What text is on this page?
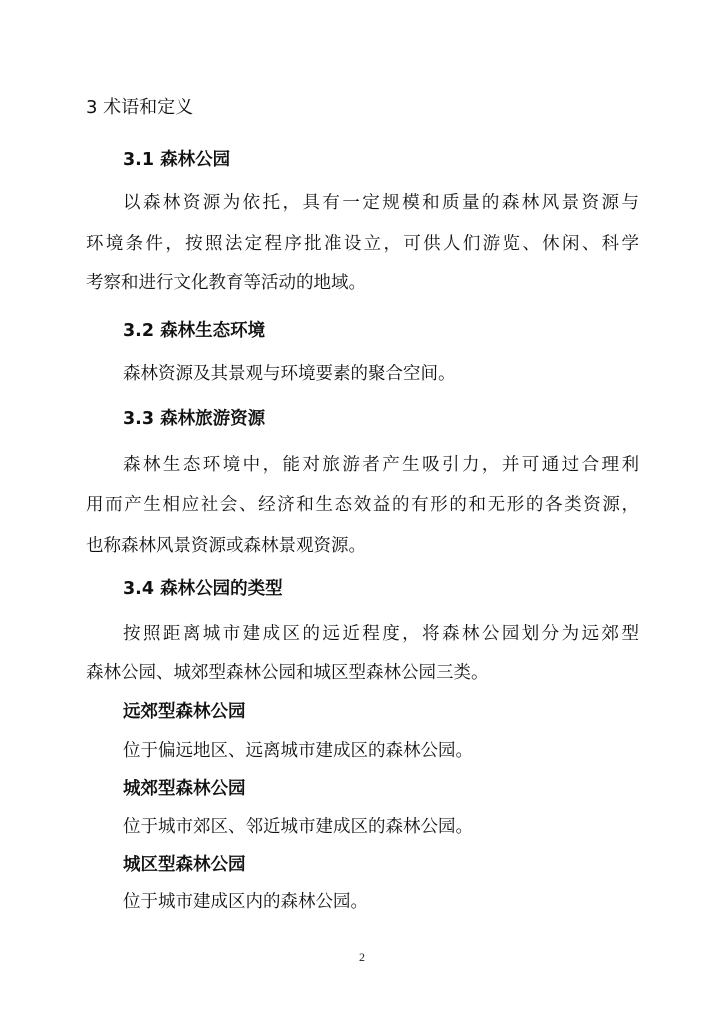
3 术语和定义
3.1 森林公园
以森林资源为依托，具有一定规模和质量的森林风景资源与
环境条件，按照法定程序批准设立，可供人们游览、休闲、科学
考察和进行文化教育等活动的地域。
3.2 森林生态环境
森林资源及其景观与环境要素的聚合空间。
3.3 森林旅游资源
森林生态环境中，能对旅游者产生吸引力，并可通过合理利
用而产生相应社会、经济和生态效益的有形的和无形的各类资源，
也称森林风景资源或森林景观资源。
3.4 森林公园的类型
按照距离城市建成区的远近程度，将森林公园划分为远郊型
森林公园、城郊型森林公园和城区型森林公园三类。
远郊型森林公园
位于偏远地区、远离城市建成区的森林公园。
城郊型森林公园
位于城市郊区、邻近城市建成区的森林公园。
城区型森林公园
位于城市建成区内的森林公园。
2
